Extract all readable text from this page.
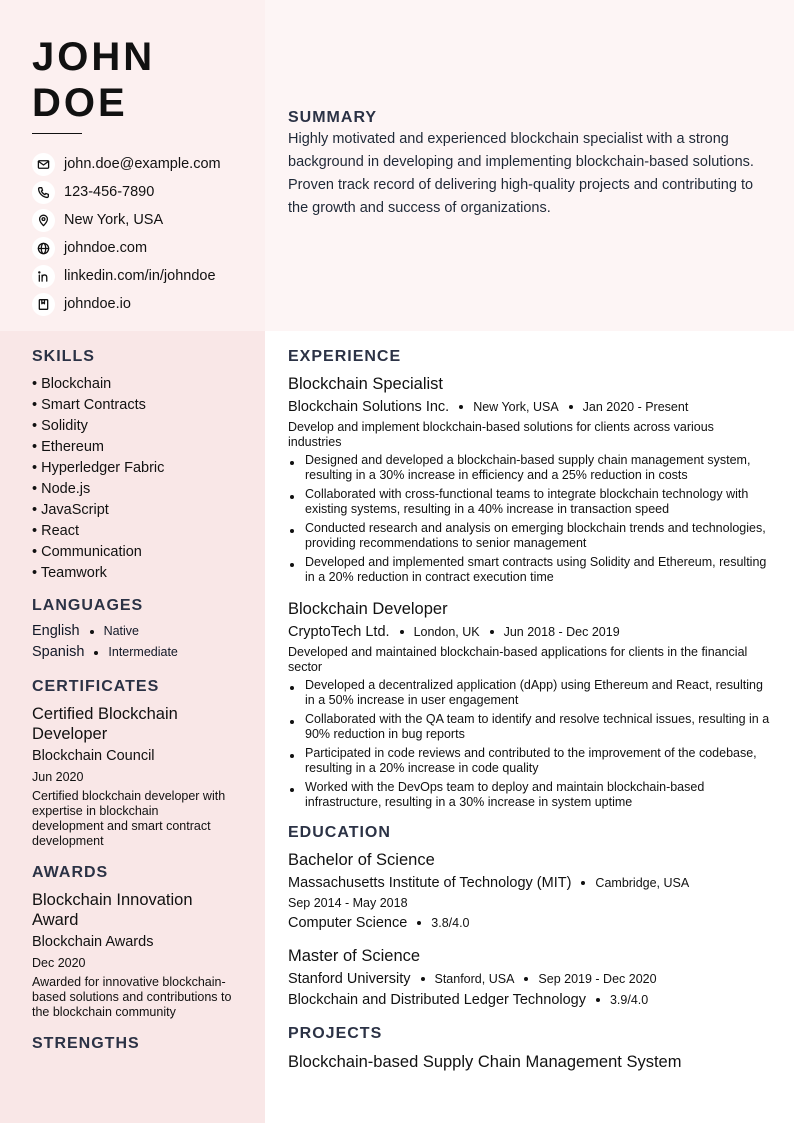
JOHN
DOE
john.doe@example.com
123-456-7890
New York, USA
johndoe.com
linkedin.com/in/johndoe
johndoe.io
SUMMARY
Highly motivated and experienced blockchain specialist with a strong background in developing and implementing blockchain-based solutions. Proven track record of delivering high-quality projects and contributing to the growth and success of organizations.
SKILLS
• Blockchain
• Smart Contracts
• Solidity
• Ethereum
• Hyperledger Fabric
• Node.js
• JavaScript
• React
• Communication
• Teamwork
LANGUAGES
English Native
Spanish Intermediate
CERTIFICATES
Certified Blockchain Developer
Blockchain Council
Jun 2020
Certified blockchain developer with expertise in blockchain development and smart contract development
AWARDS
Blockchain Innovation Award
Blockchain Awards
Dec 2020
Awarded for innovative blockchain-based solutions and contributions to the blockchain community
STRENGTHS
EXPERIENCE
Blockchain Specialist
Blockchain Solutions Inc. New York, USA Jan 2020 - Present
Develop and implement blockchain-based solutions for clients across various industries
Designed and developed a blockchain-based supply chain management system, resulting in a 30% increase in efficiency and a 25% reduction in costs
Collaborated with cross-functional teams to integrate blockchain technology with existing systems, resulting in a 40% increase in transaction speed
Conducted research and analysis on emerging blockchain trends and technologies, providing recommendations to senior management
Developed and implemented smart contracts using Solidity and Ethereum, resulting in a 20% reduction in contract execution time
Blockchain Developer
CryptoTech Ltd. London, UK Jun 2018 - Dec 2019
Developed and maintained blockchain-based applications for clients in the financial sector
Developed a decentralized application (dApp) using Ethereum and React, resulting in a 50% increase in user engagement
Collaborated with the QA team to identify and resolve technical issues, resulting in a 90% reduction in bug reports
Participated in code reviews and contributed to the improvement of the codebase, resulting in a 20% increase in code quality
Worked with the DevOps team to deploy and maintain blockchain-based infrastructure, resulting in a 30% increase in system uptime
EDUCATION
Bachelor of Science
Massachusetts Institute of Technology (MIT) Cambridge, USA
Sep 2014 - May 2018
Computer Science 3.8/4.0
Master of Science
Stanford University Stanford, USA Sep 2019 - Dec 2020
Blockchain and Distributed Ledger Technology 3.9/4.0
PROJECTS
Blockchain-based Supply Chain Management System
